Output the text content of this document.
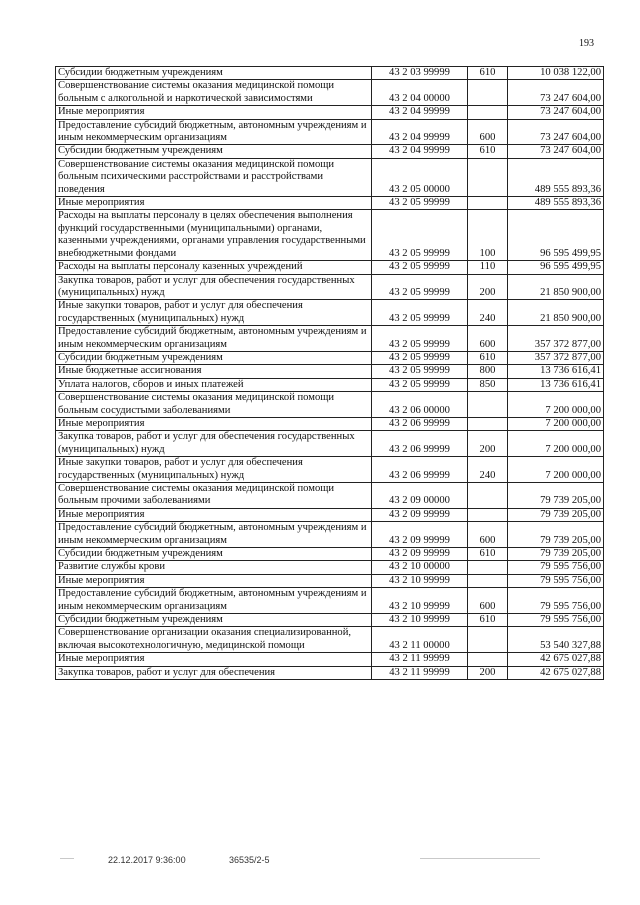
193
Субсидии бюджетным учреждениям	43 2 03 99999	610	10 038 122,00
Совершенствование системы оказания медицинской помощи больным с алкогольной и наркотической зависимостями	43 2 04 00000		73 247 604,00
Иные мероприятия	43 2 04 99999		73 247 604,00
Предоставление субсидий бюджетным, автономным учреждениям и иным некоммерческим организациям	43 2 04 99999	600	73 247 604,00
Субсидии бюджетным учреждениям	43 2 04 99999	610	73 247 604,00
Совершенствование системы оказания медицинской помощи больным психическими расстройствами и расстройствами поведения	43 2 05 00000		489 555 893,36
Иные мероприятия	43 2 05 99999		489 555 893,36
Расходы на выплаты персоналу в целях обеспечения выполнения функций государственными (муниципальными) органами, казенными учреждениями, органами управления государственными внебюджетными фондами	43 2 05 99999	100	96 595 499,95
Расходы на выплаты персоналу казенных учреждений	43 2 05 99999	110	96 595 499,95
Закупка товаров, работ и услуг для обеспечения государственных (муниципальных) нужд	43 2 05 99999	200	21 850 900,00
Иные закупки товаров, работ и услуг для обеспечения государственных (муниципальных) нужд	43 2 05 99999	240	21 850 900,00
Предоставление субсидий бюджетным, автономным учреждениям и иным некоммерческим организациям	43 2 05 99999	600	357 372 877,00
Субсидии бюджетным учреждениям	43 2 05 99999	610	357 372 877,00
Иные бюджетные ассигнования	43 2 05 99999	800	13 736 616,41
Уплата налогов, сборов и иных платежей	43 2 05 99999	850	13 736 616,41
Совершенствование системы оказания медицинской помощи больным сосудистыми заболеваниями	43 2 06 00000		7 200 000,00
Иные мероприятия	43 2 06 99999		7 200 000,00
Закупка товаров, работ и услуг для обеспечения государственных (муниципальных) нужд	43 2 06 99999	200	7 200 000,00
Иные закупки товаров, работ и услуг для обеспечения государственных (муниципальных) нужд	43 2 06 99999	240	7 200 000,00
Совершенствование системы оказания медицинской помощи больным прочими заболеваниями	43 2 09 00000		79 739 205,00
Иные мероприятия	43 2 09 99999		79 739 205,00
Предоставление субсидий бюджетным, автономным учреждениям и иным некоммерческим организациям	43 2 09 99999	600	79 739 205,00
Субсидии бюджетным учреждениям	43 2 09 99999	610	79 739 205,00
Развитие службы крови	43 2 10 00000		79 595 756,00
Иные мероприятия	43 2 10 99999		79 595 756,00
Предоставление субсидий бюджетным, автономным учреждениям и иным некоммерческим организациям	43 2 10 99999	600	79 595 756,00
Субсидии бюджетным учреждениям	43 2 10 99999	610	79 595 756,00
Совершенствование организации оказания специализированной, включая высокотехнологичную, медицинской помощи	43 2 11 00000		53 540 327,88
Иные мероприятия	43 2 11 99999		42 675 027,88
Закупка товаров, работ и услуг для обеспечения	43 2 11 99999	200	42 675 027,88
22.12.2017 9:36:00	36535/2-5
